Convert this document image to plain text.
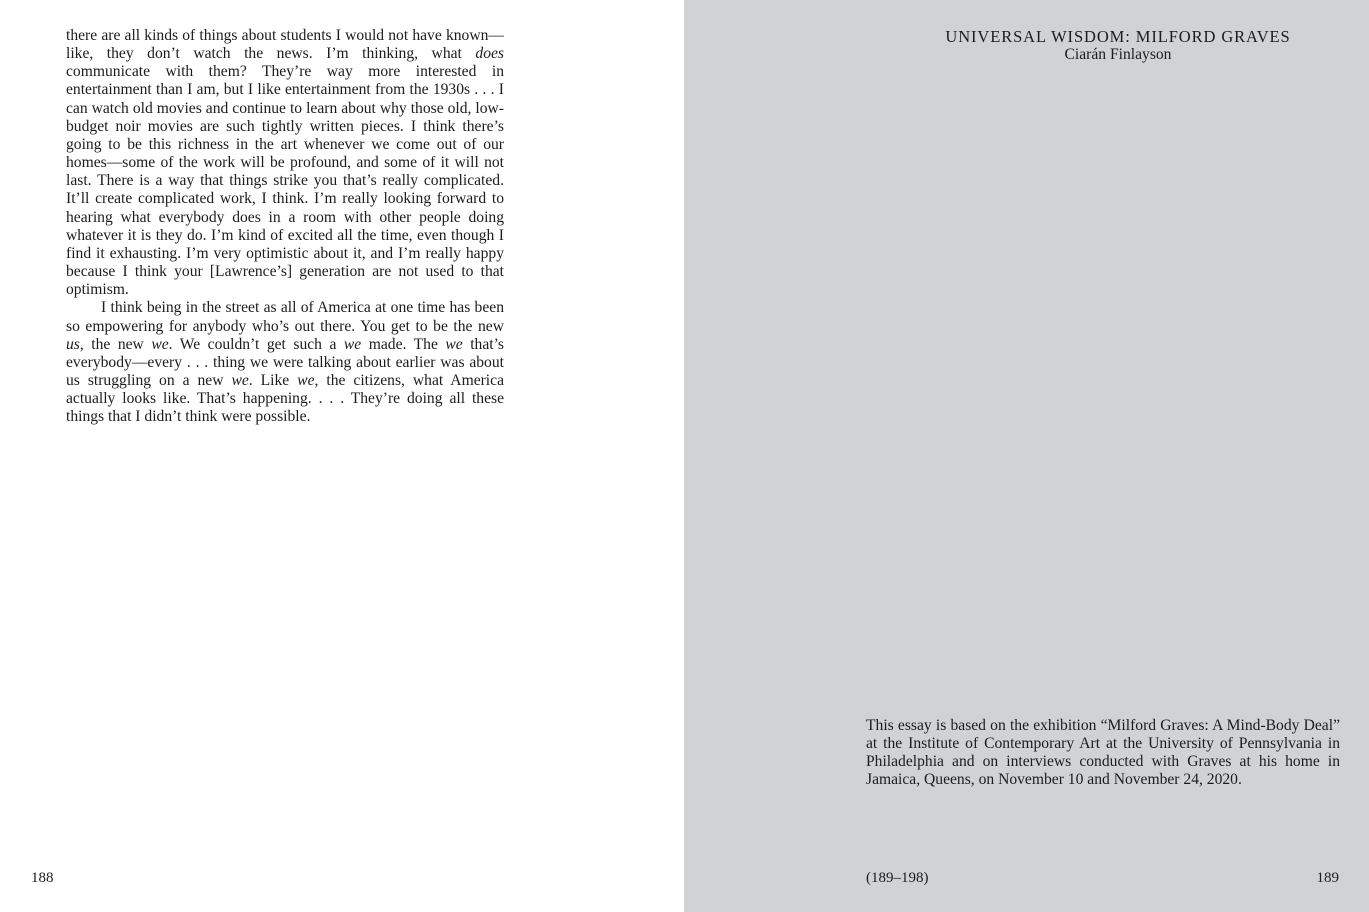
there are all kinds of things about students I would not have known—like, they don’t watch the news. I’m thinking, what does communicate with them? They’re way more interested in entertainment than I am, but I like entertainment from the 1930s . . . I can watch old movies and continue to learn about why those old, low-budget noir movies are such tightly written pieces. I think there’s going to be this richness in the art whenever we come out of our homes—some of the work will be profound, and some of it will not last. There is a way that things strike you that’s really complicated. It’ll create complicated work, I think. I’m really looking forward to hearing what everybody does in a room with other people doing whatever it is they do. I’m kind of excited all the time, even though I find it exhausting. I’m very optimistic about it, and I’m really happy because I think your [Lawrence’s] generation are not used to that optimism.

I think being in the street as all of America at one time has been so empowering for anybody who’s out there. You get to be the new us, the new we. We couldn’t get such a we made. The we that’s everybody—every . . . thing we were talking about earlier was about us struggling on a new we. Like we, the citizens, what America actually looks like. That’s happening. . . . They’re doing all these things that I didn’t think were possible.

188
UNIVERSAL WISDOM: MILFORD GRAVES
Ciarán Finlayson

This essay is based on the exhibition “Milford Graves: A Mind-Body Deal” at the Institute of Contemporary Art at the University of Pennsylvania in Philadelphia and on interviews conducted with Graves at his home in Jamaica, Queens, on November 10 and November 24, 2020.

(189–198)	189
